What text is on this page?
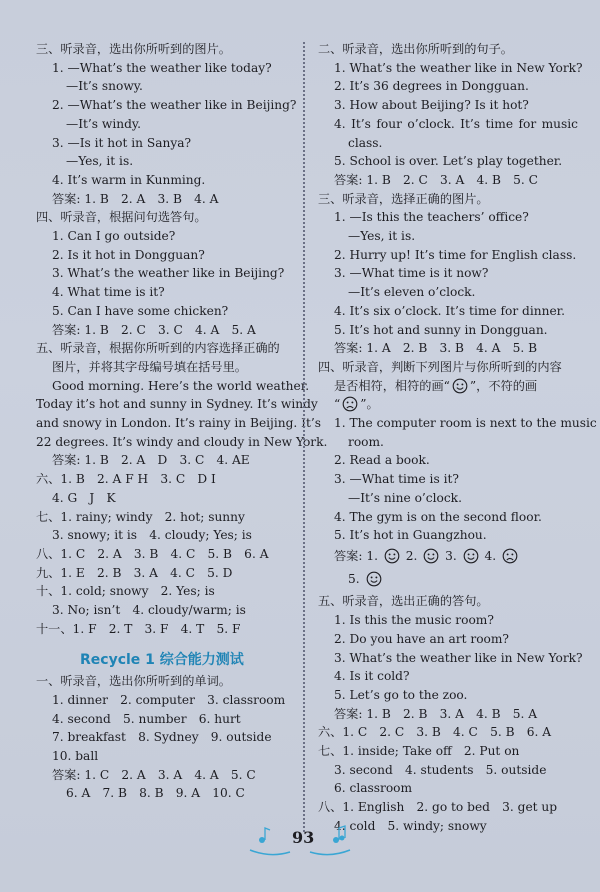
三、听录音，选出你所听到的图片。
1. —What’s the weather like today?
—It’s snowy.
2. —What’s the weather like in Beijing?
—It’s windy.
3. —Is it hot in Sanya?
—Yes, it is.
4. It’s warm in Kunming.
答案: 1. B　2. A　3. B　4. A
四、听录音，根据问句选答句。
1. Can I go outside?
2. Is it hot in Dongguan?
3. What’s the weather like in Beijing?
4. What time is it?
5. Can I have some chicken?
答案: 1. B　2. C　3. C　4. A　5. A
五、听录音，根据你所听到的内容选择正确的
图片，并将其字母编号填在括号里。
Good morning. Here’s the world weather.
Today it’s hot and sunny in Sydney. It’s windy
and snowy in London. It’s rainy in Beijing. It’s
22 degrees. It’s windy and cloudy in New York.
答案: 1. B　2. A　D　3. C　4. AE
六、1. B　2. A F H　3. C　D I
4. G　J　K
七、1. rainy; windy　2. hot; sunny
3. snowy; it is　4. cloudy; Yes; is
八、1. C　2. A　3. B　4. C　5. B　6. A
九、1. E　2. B　3. A　4. C　5. D
十、1. cold; snowy　2. Yes; is
3. No; isn’t　4. cloudy/warm; is
十一、1. F　2. T　3. F　4. T　5. F
Recycle 1 综合能力测试
一、听录音，选出你所听到的单词。
1. dinner　2. computer　3. classroom
4. second　5. number　6. hurt
7. breakfast　8. Sydney　9. outside
10. ball
答案: 1. C　2. A　3. A　4. A　5. C
6. A　7. B　8. B　9. A　10. C
二、听录音，选出你所听到的句子。
1. What’s the weather like in New York?
2. It’s 36 degrees in Dongguan.
3. How about Beijing? Is it hot?
4. It’s four o’clock. It’s time for music
class.
5. School is over. Let’s play together.
答案: 1. B　2. C　3. A　4. B　5. C
三、听录音，选择正确的图片。
1. —Is this the teachers’ office?
—Yes, it is.
2. Hurry up! It’s time for English class.
3. —What time is it now?
—It’s eleven o’clock.
4. It’s six o’clock. It’s time for dinner.
5. It’s hot and sunny in Dongguan.
答案: 1. A　2. B　3. B　4. A　5. B
四、听录音，判断下列图片与你所听到的内容
是否相符，相符的画“ ”，不符的画
“ ”。
1. The computer room is next to the music
room.
2. Read a book.
3. —What time is it?
—It’s nine o’clock.
4. The gym is on the second floor.
5. It’s hot in Guangzhou.
答案: 1. 2. 3. 4.
5.
五、听录音，选出正确的答句。
1. Is this the music room?
2. Do you have an art room?
3. What’s the weather like in New York?
4. Is it cold?
5. Let’s go to the zoo.
答案: 1. B　2. B　3. A　4. B　5. A
六、1. C　2. C　3. B　4. C　5. B　6. A
七、1. inside; Take off　2. Put on
3. second　4. students　5. outside
6. classroom
八、1. English　2. go to bed　3. get up
4. cold　5. windy; snowy
93
